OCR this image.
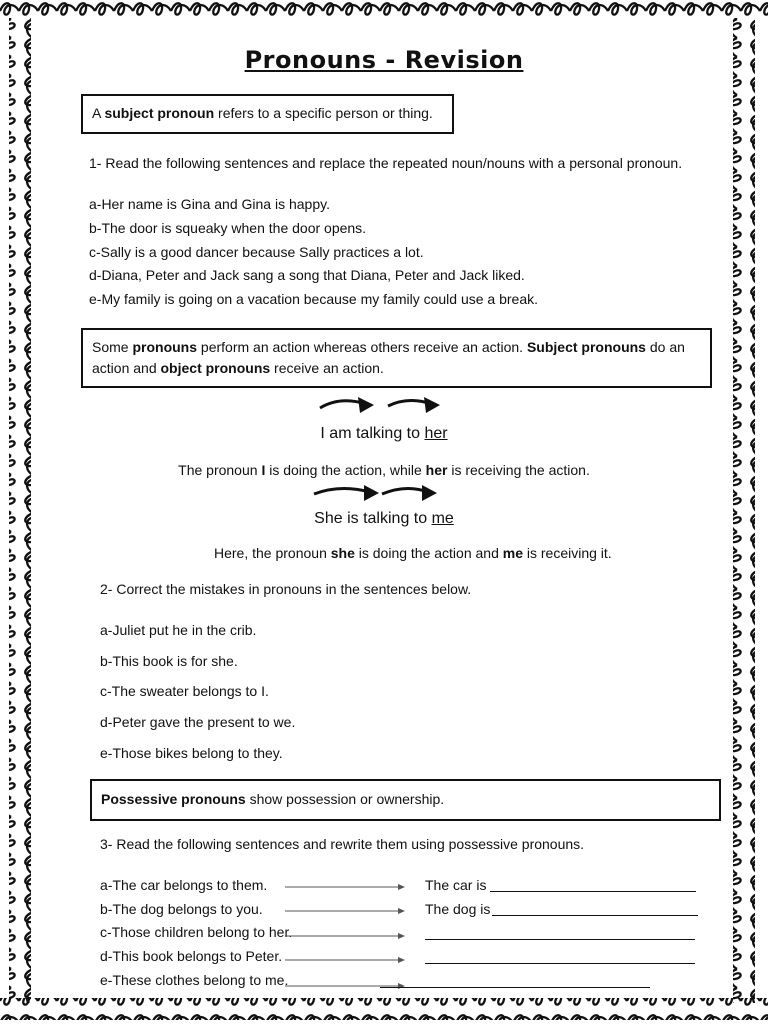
Pronouns - Revision
A subject pronoun refers to a specific person or thing.
1- Read the following sentences and replace the repeated noun/nouns with a personal pronoun.
a-Her name is Gina and Gina is happy.
b-The door is squeaky when the door opens.
c-Sally is a good dancer because Sally practices a lot.
d-Diana, Peter and Jack sang a song that Diana, Peter and Jack liked.
e-My family is going on a vacation because my family could use a break.
Some pronouns perform an action whereas others receive an action. Subject pronouns do an action and object pronouns receive an action.
I am talking to her
The pronoun I is doing the action, while her is receiving the action.
She is talking to me
Here, the pronoun she is doing the action and me is receiving it.
2- Correct the mistakes in pronouns in the sentences below.
a-Juliet put he in the crib.
b-This book is for she.
c-The sweater belongs to I.
d-Peter gave the present to we.
e-Those bikes belong to they.
Possessive pronouns show possession or ownership.
3- Read the following sentences and rewrite them using possessive pronouns.
a-The car belongs to them.
b-The dog belongs to you.
c-Those children belong to her.
d-This book belongs to Peter.
e-These clothes belong to me.
The car is
The dog is
